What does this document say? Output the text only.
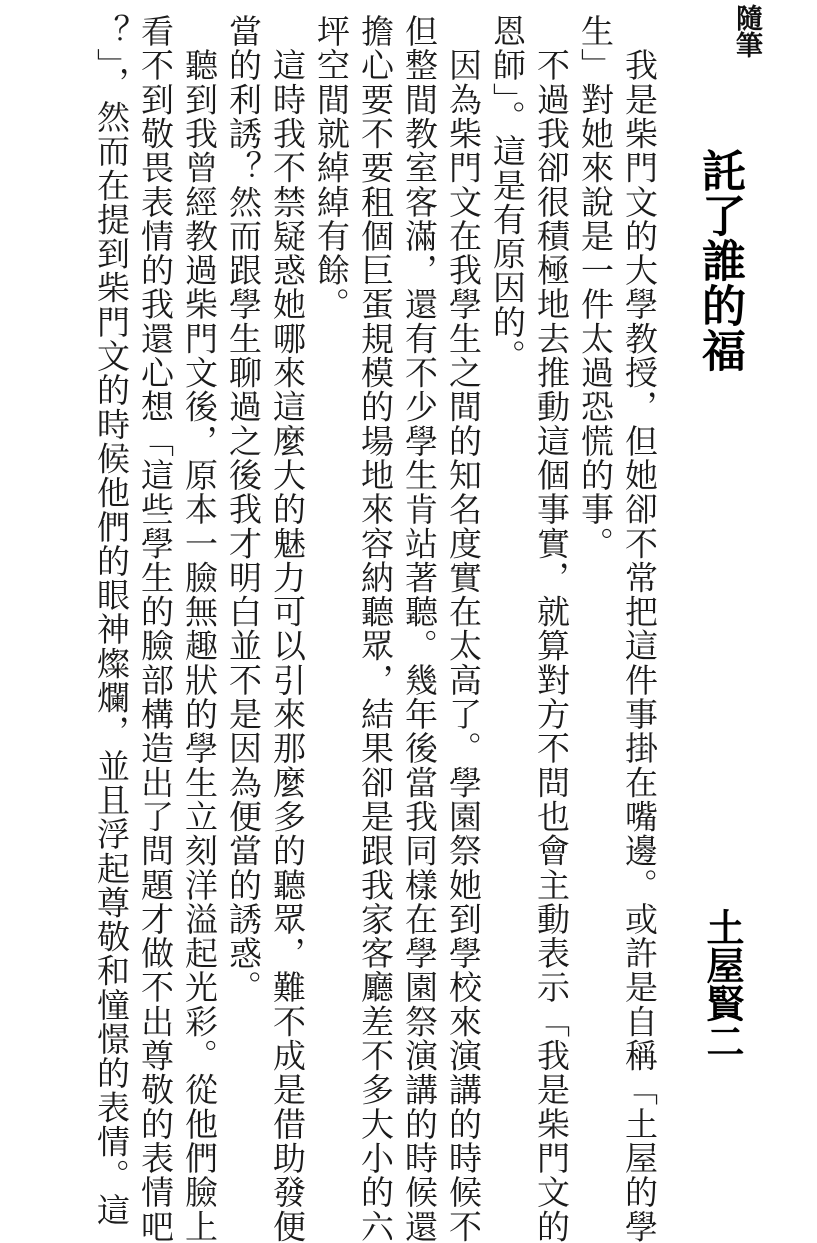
隨筆
託了誰的福
土屋賢二
　我是柴門文的大學教授，但她卻不常把這件事掛在嘴邊。或許是自稱「土屋的學
生」對她來說是一件太過恐慌的事。
　不過我卻很積極地去推動這個事實，就算對方不問也會主動表示「我是柴門文的
恩師」。這是有原因的。
　因為柴門文在我學生之間的知名度實在太高了。學園祭她到學校來演講的時候不
但整間教室客滿，還有不少學生肯站著聽。幾年後當我同樣在學園祭演講的時候還
擔心要不要租個巨蛋規模的場地來容納聽眾，結果卻是跟我家客廳差不多大小的六
坪空間就綽綽有餘。
　這時我不禁疑惑她哪來這麼大的魅力可以引來那麼多的聽眾，難不成是借助發便
當的利誘？然而跟學生聊過之後我才明白並不是因為便當的誘惑。
　聽到我曾經教過柴門文後，原本一臉無趣狀的學生立刻洋溢起光彩。從他們臉上
看不到敬畏表情的我還心想「這些學生的臉部構造出了問題才做不出尊敬的表情吧
？」，然而在提到柴門文的時候他們的眼神燦爛，並且浮起尊敬和憧憬的表情。這
